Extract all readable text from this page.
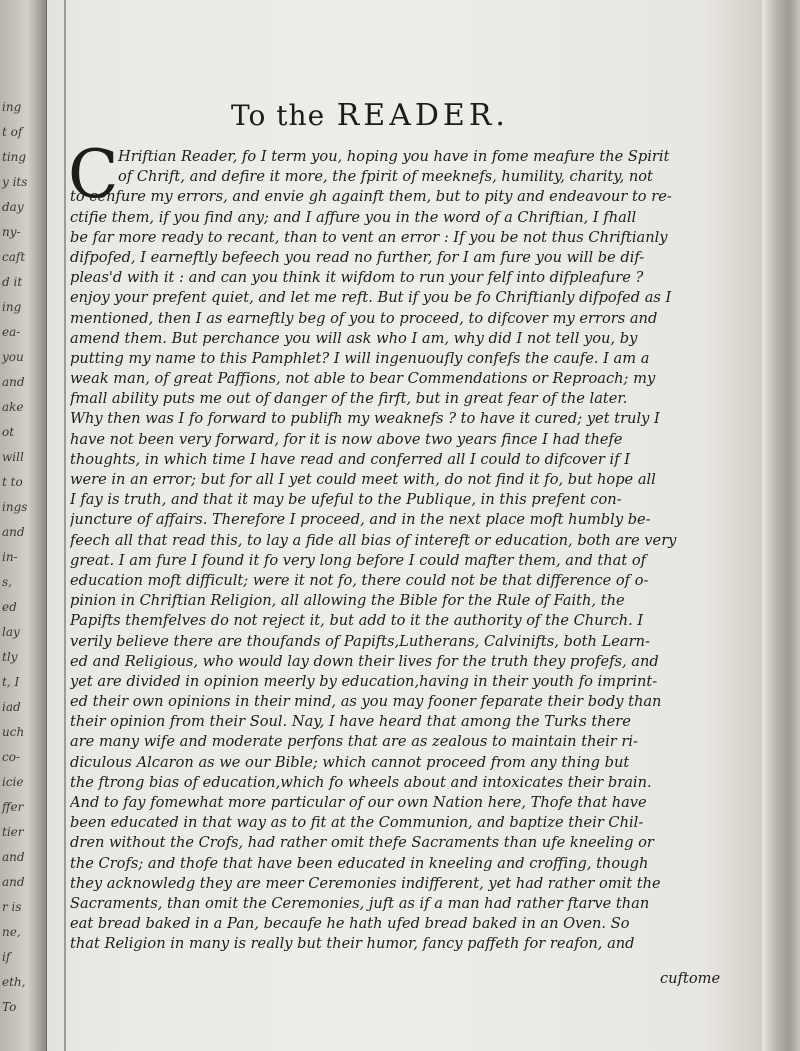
ing
t of
ting
y its
day
ny-
caft
d it
ing
ea-
you
and
ake
ot
will
t to
ings
and
in-
s,
ed
lay
tly
t, I
iad
uch
co-
icie
ffer
tier
and
and
r is
ne,
if
eth,
To
To the READER.
C Hriftian Reader, fo I term you, hoping you have in fome meafure the Spirit
of Chrift, and defire it more, the fpirit of meeknefs, humility, charity, not
to cenfure my errors, and envie gh againft them, but to pity and endeavour to re-
ctifie them, if you find any; and I affure you in the word of a Chriftian, I fhall
be far more ready to recant, than to vent an error : If you be not thus Chriftianly
difpofed, I earneftly befeech you read no further, for I am fure you will be dif-
pleas'd with it : and can you think it wifdom to run your felf into difpleafure ?
enjoy your prefent quiet, and let me reft. But if you be fo Chriftianly difpofed as I
mentioned, then I as earneftly beg of you to proceed, to difcover my errors and
amend them. But perchance you will ask who I am, why did I not tell you, by
putting my name to this Pamphlet? I will ingenuoufly confefs the caufe. I am a
weak man, of great Paffions, not able to bear Commendations or Reproach; my
fmall ability puts me out of danger of the firft, but in great fear of the later.
Why then was I fo forward to publifh my weaknefs ? to have it cured; yet truly I
have not been very forward, for it is now above two years fince I had thefe
thoughts, in which time I have read and conferred all I could to difcover if I
were in an error; but for all I yet could meet with, do not find it fo, but hope all
I fay is truth, and that it may be ufeful to the Publique, in this prefent con-
juncture of affairs. Therefore I proceed, and in the next place moft humbly be-
feech all that read this, to lay a fide all bias of intereft or education, both are very
great. I am fure I found it fo very long before I could mafter them, and that of
education moft difficult; were it not fo, there could not be that difference of o-
pinion in Chriftian Religion, all allowing the Bible for the Rule of Faith, the
Papifts themfelves do not reject it, but add to it the authority of the Church. I
verily believe there are thoufands of Papifts,Lutherans, Calvinifts, both Learn-
ed and Religious, who would lay down their lives for the truth they profefs, and
yet are divided in opinion meerly by education,having in their youth fo imprint-
ed their own opinions in their mind, as you may fooner feparate their body than
their opinion from their Soul. Nay, I have heard that among the Turks there
are many wife and moderate perfons that are as zealous to maintain their ri-
diculous Alcaron as we our Bible; which cannot proceed from any thing but
the ftrong bias of education,which fo wheels about and intoxicates their brain.
And to fay fomewhat more particular of our own Nation here, Thofe that have
been educated in that way as to fit at the Communion, and baptize their Chil-
dren without the Crofs, had rather omit thefe Sacraments than ufe kneeling or
the Crofs; and thofe that have been educated in kneeling and croffing, though
they acknowledg they are meer Ceremonies indifferent, yet had rather omit the
Sacraments, than omit the Ceremonies, juft as if a man had rather ftarve than
eat bread baked in a Pan, becaufe he hath ufed bread baked in an Oven. So
that Religion in many is really but their humor, fancy paffeth for reafon, and
cuftome
